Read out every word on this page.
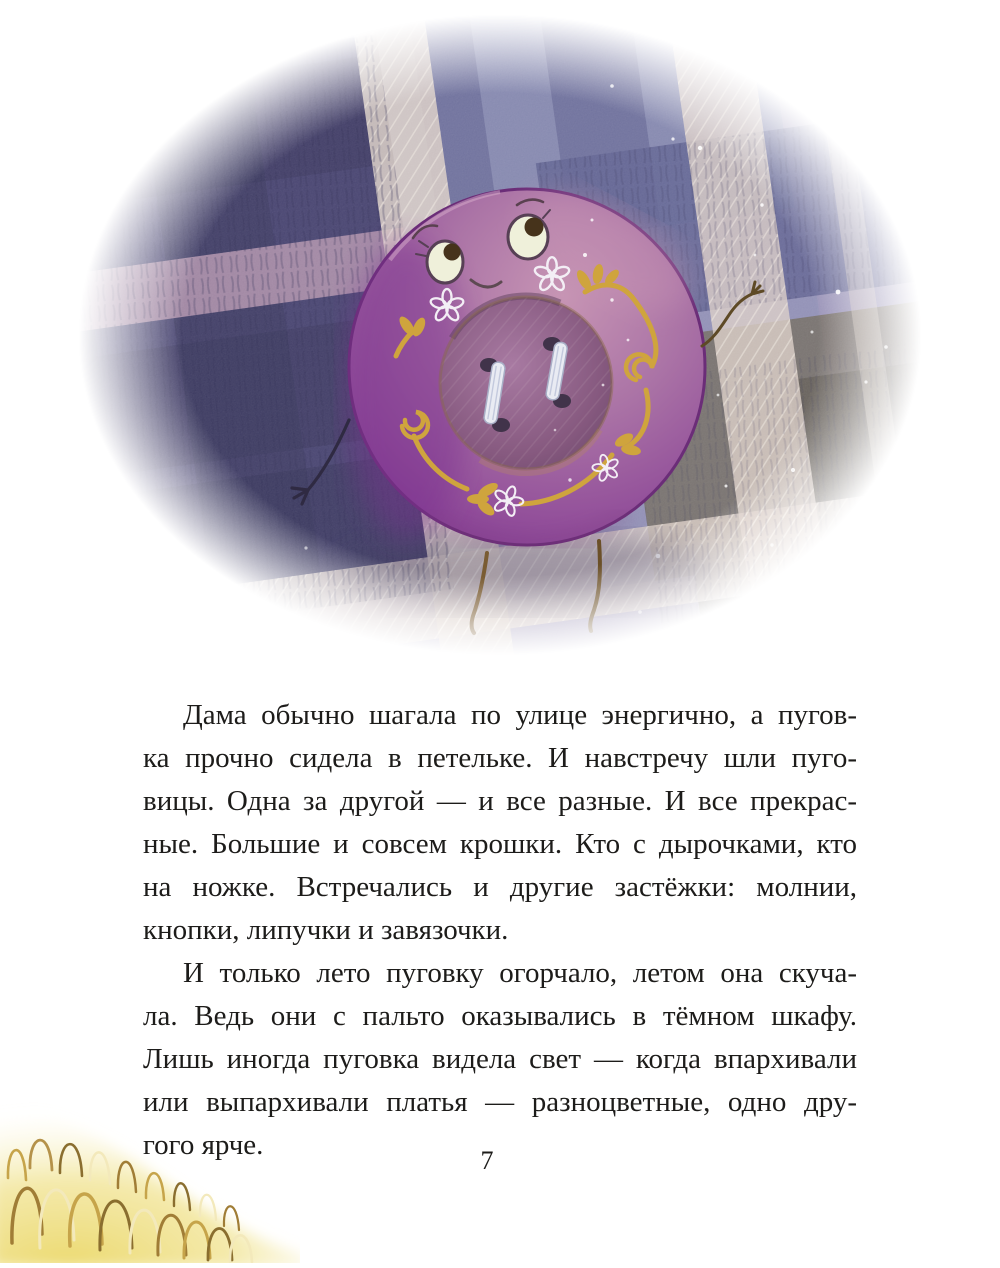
Дама обычно шагала по улице энергично, а пугов-
ка прочно сидела в петельке. И навстречу шли пуго-
вицы. Одна за другой — и все разные. И все прекрас-
ные. Большие и совсем крошки. Кто с дырочками, кто
на ножке. Встречались и другие застёжки: молнии,
кнопки, липучки и завязочки.

И только лето пуговку огорчало, летом она скуча-
ла. Ведь они с пальто оказывались в тёмном шкафу.
Лишь иногда пуговка видела свет — когда впархивали
или выпархивали платья — разноцветные, одно дру-
гого ярче.	7
